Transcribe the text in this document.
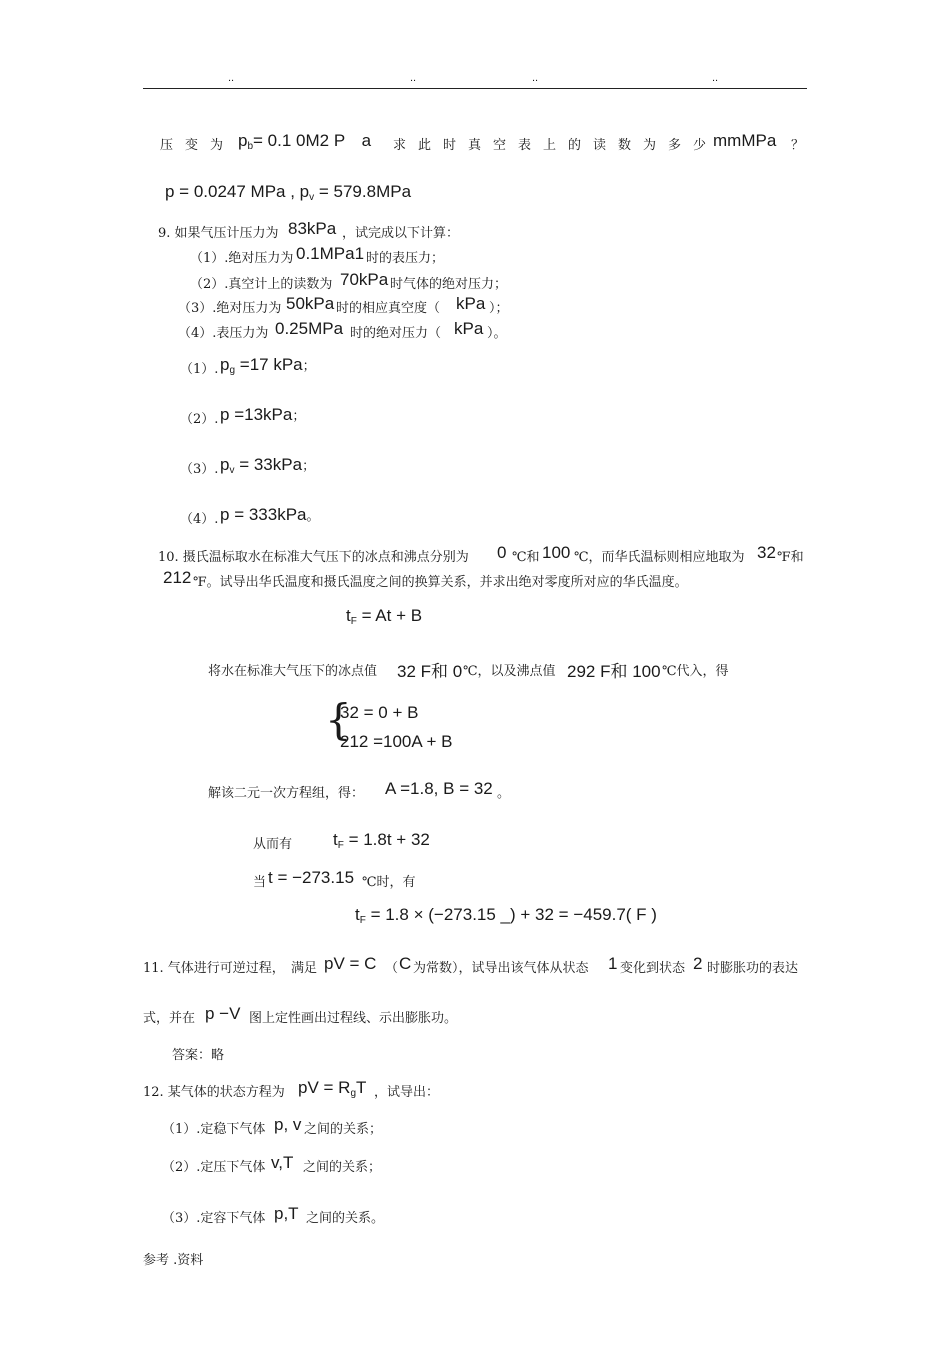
..	..	..	..
压变为 $p_b= 0.1$ 0M2 P a 求此时真空表上的读数为多少
mmMPa ？
p = 0.0247 MPa , $p_v = 579.8MPa$
9. 如果气压计压力为 83kPa ，试完成以下计算：
（1）.绝对压力为 0.1MPa1 时的表压力；
（2）.真空计上的读数为 70kPa 时气体的绝对压力；
（3）.绝对压力为 50kPa 时的相应真空度（ kPa ）；
（4）.表压力为 0.25MPa 时的绝对压力（ kPa ）。
（1）. $p_g =17$ kPa；
（2）. p =13kPa；
（3）. $p_v = 33kPa$；
（4）. p = 333kPa。
10. 摄氏温标取水在标准大气压下的冰点和沸点分别为 0 ℃和 100 ℃，而华氏温标则相应地取为 32 ℉和
212 ℉。试导出华氏温度和摄氏温度之间的换算关系，并求出绝对零度所对应的华氏温度。
$t_F = At + B$
将水在标准大气压下的冰点值 32 F和 0 ℃，以及沸点值 292 F和 100 ℃代入，得
{
32 = 0 + B
212 =100A + B
解该二元一次方程组，得： A =1.8, B = 32 。
从而有 $t_F = 1.8t + 32$
当 t = −273.15 ℃时，有
$t_F = 1.8 \times (-273.15$ _) + 32 = −459.7( F )
11. 气体进行可逆过程， 满足 pV = C （ C 为常数），试导出该气体从状态 1 变化到状态 2 时膨胀功的表达
式，并在 p −V 图上定性画出过程线、示出膨胀功。
答案：略
12. 某气体的状态方程为 pV = $R_gT$ ，试导出：
（1）.定稳下气体 p, v 之间的关系；
（2）.定压下气体 v,T 之间的关系；
（3）.定容下气体 p,T 之间的关系。
参考 .资料
